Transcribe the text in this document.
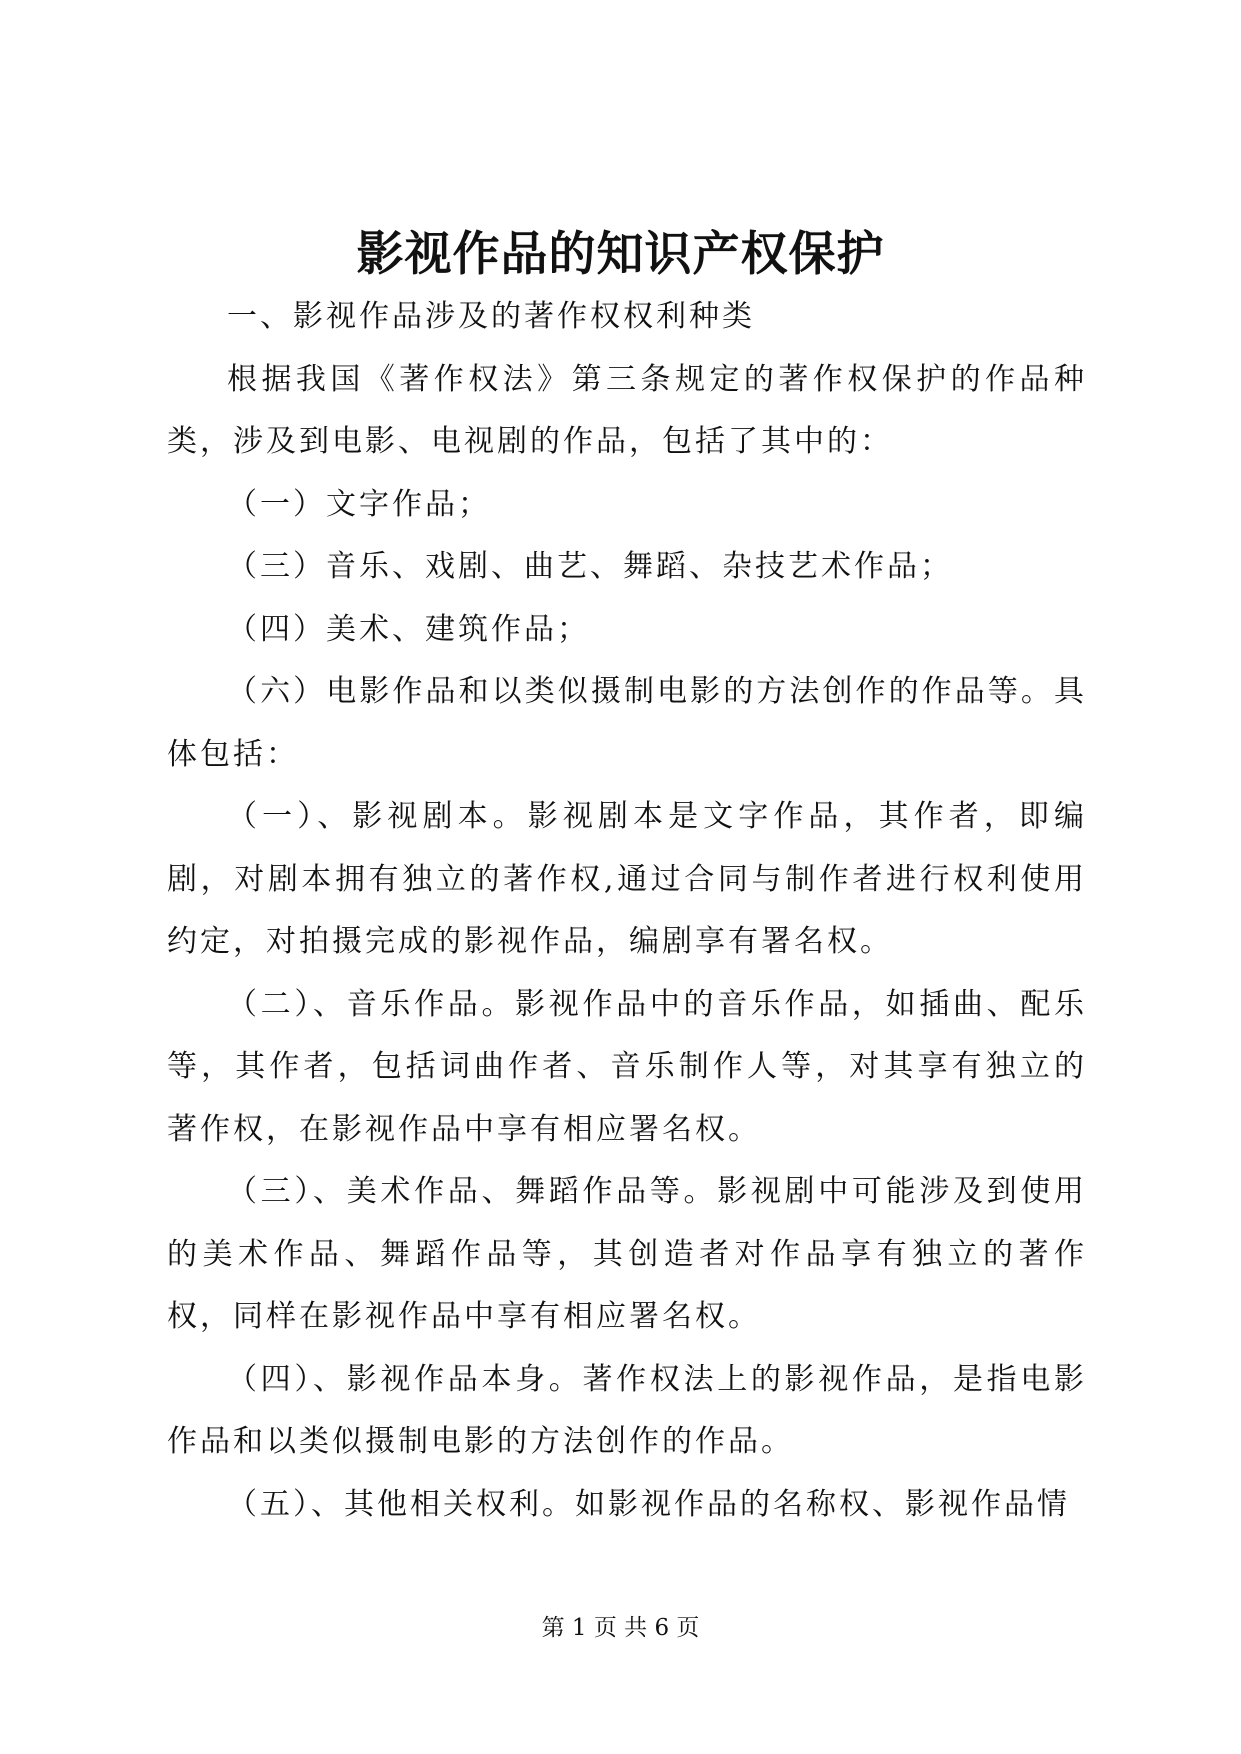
影视作品的知识产权保护

一、影视作品涉及的著作权权利种类

根据我国《著作权法》第三条规定的著作权保护的作品种类，涉及到电影、电视剧的作品，包括了其中的：

（一）文字作品；

（三）音乐、戏剧、曲艺、舞蹈、杂技艺术作品；

（四）美术、建筑作品；

（六）电影作品和以类似摄制电影的方法创作的作品等。具体包括：

（一）、影视剧本。影视剧本是文字作品，其作者，即编剧，对剧本拥有独立的著作权,通过合同与制作者进行权利使用约定，对拍摄完成的影视作品，编剧享有署名权。

（二）、音乐作品。影视作品中的音乐作品，如插曲、配乐等，其作者，包括词曲作者、音乐制作人等，对其享有独立的著作权，在影视作品中享有相应署名权。

（三）、美术作品、舞蹈作品等。影视剧中可能涉及到使用的美术作品、舞蹈作品等，其创造者对作品享有独立的著作权，同样在影视作品中享有相应署名权。

（四）、影视作品本身。著作权法上的影视作品，是指电影作品和以类似摄制电影的方法创作的作品。

（五）、其他相关权利。如影视作品的名称权、影视作品情

第 1 页 共 6 页
